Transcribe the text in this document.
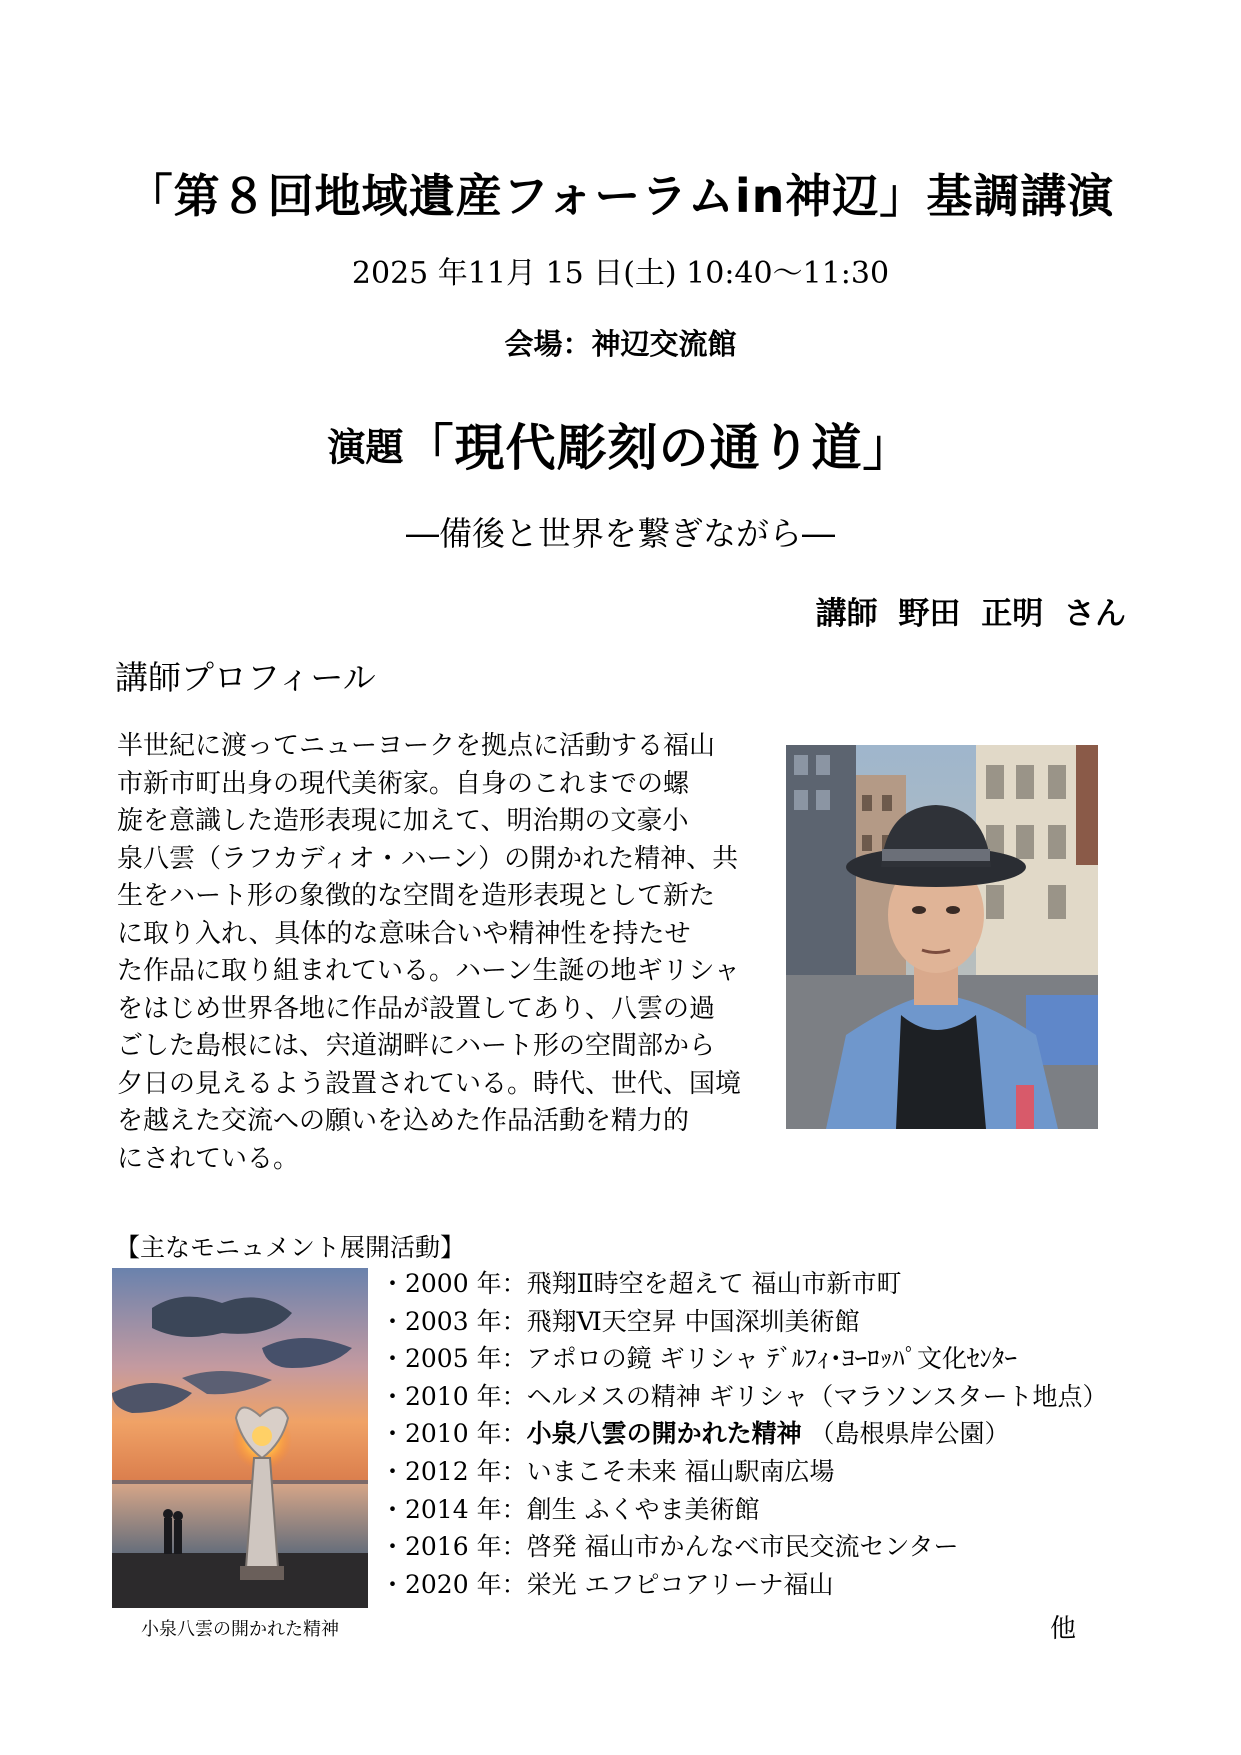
「第８回地域遺産フォーラムin神辺」基調講演
2025 年11月 15 日(土) 10:40～11:30
会場：神辺交流館
演題「現代彫刻の通り道」
―備後と世界を繋ぎながら―
講師 野田 正明 さん
講師プロフィール
半世紀に渡ってニューヨークを拠点に活動する福山
市新市町出身の現代美術家。自身のこれまでの螺
旋を意識した造形表現に加えて、明治期の文豪小
泉八雲（ラフカディオ・ハーン）の開かれた精神、共
生をハート形の象徴的な空間を造形表現として新た
に取り入れ、具体的な意味合いや精神性を持たせ
た作品に取り組まれている。ハーン生誕の地ギリシャ
をはじめ世界各地に作品が設置してあり、八雲の過
ごした島根には、宍道湖畔にハート形の空間部から
夕日の見えるよう設置されている。時代、世代、国境
を越えた交流への願いを込めた作品活動を精力的
にされている。
【主なモニュメント展開活動】
小泉八雲の開かれた精神
・2000 年：飛翔Ⅱ時空を超えて 福山市新市町
・2003 年：飛翔Ⅵ天空昇 中国深圳美術館
・2005 年：アポロの鏡 ギリシャ ﾃﾞﾙﾌｨ･ﾖｰﾛｯﾊﾟ文化ｾﾝﾀｰ
・2010 年：ヘルメスの精神 ギリシャ（マラソンスタート地点）
・2010 年：小泉八雲の開かれた精神 （島根県岸公園）
・2012 年：いまこそ未来 福山駅南広場
・2014 年：創生 ふくやま美術館
・2016 年：啓発 福山市かんなべ市民交流センター
・2020 年：栄光 エフピコアリーナ福山
他
